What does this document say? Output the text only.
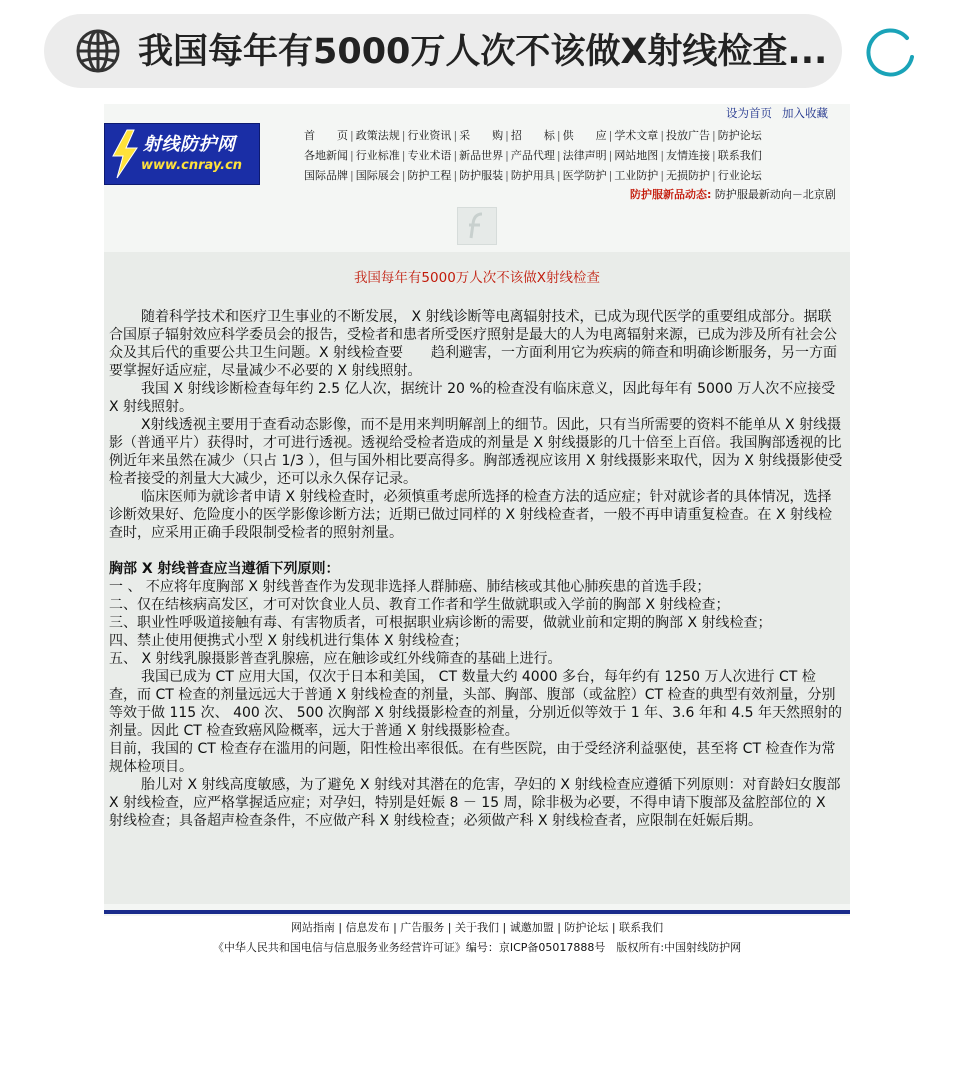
我国每年有5000万人次不该做X射线检查...
设为首页 加入收藏
射线防护网
www.cnray.cn
首　　页 | 政策法规 | 行业资讯 | 采　　购 | 招　　标 | 供　　应 | 学术文章 | 投放广告 | 防护论坛
各地新闻 | 行业标准 | 专业术语 | 新品世界 | 产品代理 | 法律声明 | 网站地图 | 友情连接 | 联系我们
国际品牌 | 国际展会 | 防护工程 | 防护服装 | 防护用具 | 医学防护 | 工业防护 | 无损防护 | 行业论坛
防护服新品动态: 防护服最新动向－北京剧
我国每年有5000万人次不该做X射线检查

随着科学技术和医疗卫生事业的不断发展， X 射线诊断等电离辐射技术，已成为现代医学的重要组成部分。据联合国原子辐射效应科学委员会的报告，受检者和患者所受医疗照射是最大的人为电离辐射来源，已成为涉及所有社会公众及其后代的重要公共卫生问题。X 射线检查要　　趋利避害，一方面利用它为疾病的筛查和明确诊断服务，另一方面要掌握好适应症，尽量减少不必要的 X 射线照射。

我国 X 射线诊断检查每年约 2.5 亿人次，据统计 20 %的检查没有临床意义，因此每年有 5000 万人次不应接受 X 射线照射。

X射线透视主要用于查看动态影像，而不是用来判明解剖上的细节。因此，只有当所需要的资料不能单从 X 射线摄影（普通平片）获得时，才可进行透视。透视给受检者造成的剂量是 X 射线摄影的几十倍至上百倍。我国胸部透视的比例近年来虽然在减少（只占 1/3 ），但与国外相比要高得多。胸部透视应该用 X 射线摄影来取代，因为 X 射线摄影使受检者接受的剂量大大减少，还可以永久保存记录。

临床医师为就诊者申请 X 射线检查时，必须慎重考虑所选择的检查方法的适应症；针对就诊者的具体情况，选择诊断效果好、危险度小的医学影像诊断方法；近期已做过同样的 X 射线检查者，一般不再申请重复检查。在 X 射线检查时，应采用正确手段限制受检者的照射剂量。

胸部 X 射线普查应当遵循下列原则：

一 、 不应将年度胸部 X 射线普查作为发现非选择人群肺癌、肺结核或其他心肺疾患的首选手段；

二、仅在结核病高发区，才可对饮食业人员、教育工作者和学生做就职或入学前的胸部 X 射线检查；

三、职业性呼吸道接触有毒、有害物质者，可根据职业病诊断的需要，做就业前和定期的胸部 X 射线检查；

四、禁止使用便携式小型 X 射线机进行集体 X 射线检查；

五、 X 射线乳腺摄影普查乳腺癌，应在触诊或红外线筛查的基础上进行。

我国已成为 CT 应用大国，仅次于日本和美国， CT 数量大约 4000 多台，每年约有 1250 万人次进行 CT 检查，而 CT 检查的剂量远远大于普通 X 射线检查的剂量，头部、胸部、腹部（或盆腔）CT 检查的典型有效剂量，分别等效于做 115 次、 400 次、 500 次胸部 X 射线摄影检查的剂量，分别近似等效于 1 年、3.6 年和 4.5 年天然照射的剂量。因此 CT 检查致癌风险概率，远大于普通 X 射线摄影检查。

目前，我国的 CT 检查存在滥用的问题，阳性检出率很低。在有些医院，由于受经济利益驱使，甚至将 CT 检查作为常规体检项目。

胎儿对 X 射线高度敏感，为了避免 X 射线对其潜在的危害，孕妇的 X 射线检查应遵循下列原则：对育龄妇女腹部 X 射线检查，应严格掌握适应症；对孕妇，特别是妊娠 8 － 15 周，除非极为必要，不得申请下腹部及盆腔部位的 X 射线检查；具备超声检查条件，不应做产科 X 射线检查；必须做产科 X 射线检查者，应限制在妊娠后期。

网站指南 | 信息发布 | 广告服务 | 关于我们 | 诚邀加盟 | 防护论坛 | 联系我们
《中华人民共和国电信与信息服务业务经营许可证》编号：京ICP备05017888号　版权所有:中国射线防护网
